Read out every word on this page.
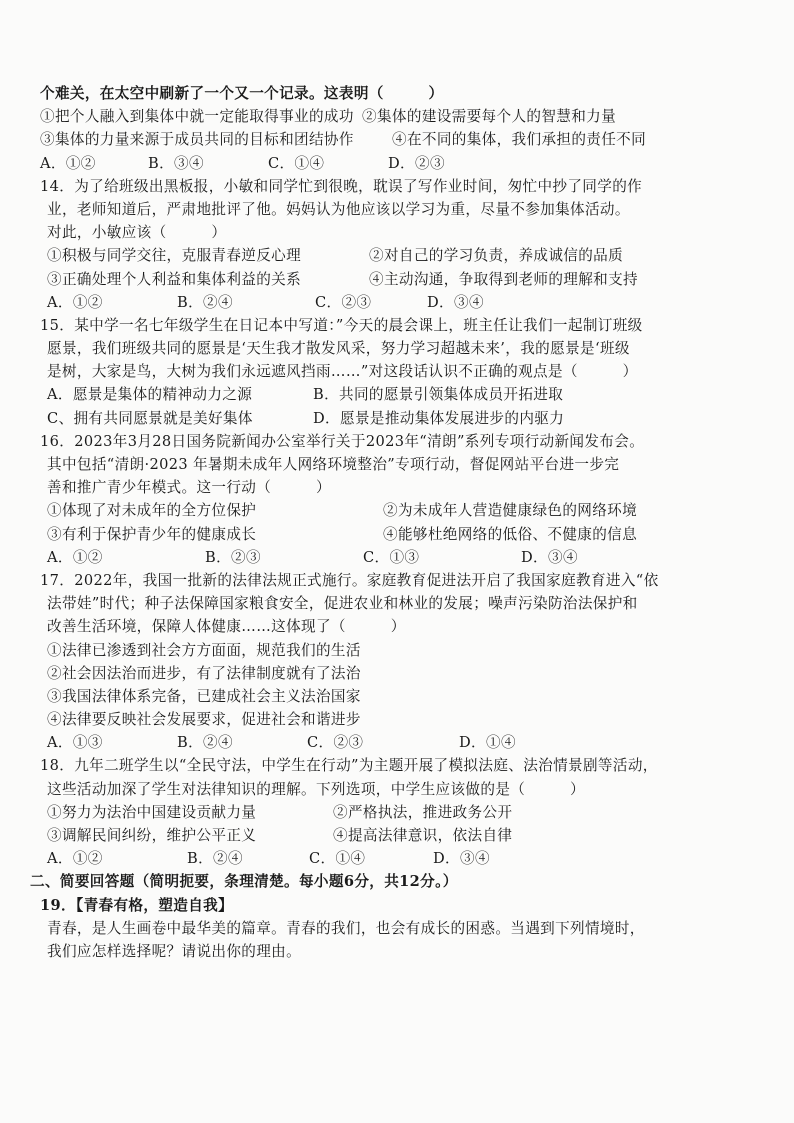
个难关，在太空中刷新了一个又一个记录。这表明（　　　）
①把个人融入到集体中就一定能取得事业的成功 ②集体的建设需要每个人的智慧和力量
③集体的力量来源于成员共同的目标和团结协作	④在不同的集体，我们承担的责任不同
A．①②	B．③④	C．①④	D．②③
14．为了给班级出黑板报，小敏和同学忙到很晚，耽误了写作业时间，匆忙中抄了同学的作
业，老师知道后，严肃地批评了他。妈妈认为他应该以学习为重，尽量不参加集体活动。
对此，小敏应该（　　　）
①积极与同学交往，克服青春逆反心理	②对自己的学习负责，养成诚信的品质
③正确处理个人利益和集体利益的关系	④主动沟通，争取得到老师的理解和支持
A．①②	B．②④	C．②③	D．③④
15．某中学一名七年级学生在日记本中写道：”今天的晨会课上，班主任让我们一起制订班级
愿景，我们班级共同的愿景是‘天生我才散发风采，努力学习超越未来’，我的愿景是‘班级
是树，大家是鸟，大树为我们永远遮风挡雨……”对这段话认识不正确的观点是（　　　）
A．愿景是集体的精神动力之源	B．共同的愿景引领集体成员开拓进取
C、拥有共同愿景就是美好集体	D．愿景是推动集体发展进步的内驱力
16．2023年3月28日国务院新闻办公室举行关于2023年“清朗”系列专项行动新闻发布会。
其中包括“清朗·2023 年暑期未成年人网络环境整治”专项行动，督促网站平台进一步完
善和推广青少年模式。这一行动（　　　）
①体现了对未成年的全方位保护	②为未成年人营造健康绿色的网络环境
③有利于保护青少年的健康成长	④能够杜绝网络的低俗、不健康的信息
A．①②	B．②③	C．①③	D．③④
17．2022年，我国一批新的法律法规正式施行。家庭教育促进法开启了我国家庭教育进入“依
法带娃”时代；种子法保障国家粮食安全，促进农业和林业的发展；噪声污染防治法保护和
改善生活环境，保障人体健康……这体现了（　　　）
①法律已渗透到社会方方面面，规范我们的生活
②社会因法治而进步，有了法律制度就有了法治
③我国法律体系完备，已建成社会主义法治国家
④法律要反映社会发展要求，促进社会和谐进步
A．①③	B．②④	C．②③	D．①④
18．九年二班学生以“全民守法，中学生在行动”为主题开展了模拟法庭、法治情景剧等活动，
这些活动加深了学生对法律知识的理解。下列选项，中学生应该做的是（　　　）
①努力为法治中国建设贡献力量	②严格执法，推进政务公开
③调解民间纠纷，维护公平正义	④提高法律意识，依法自律
A．①②	B．②④	C．①④	D．③④
二、简要回答题（简明扼要，条理清楚。每小题6分，共12分。）
19．【青春有格，塑造自我】
青春，是人生画卷中最华美的篇章。青春的我们，也会有成长的困惑。当遇到下列情境时，
我们应怎样选择呢？请说出你的理由。
